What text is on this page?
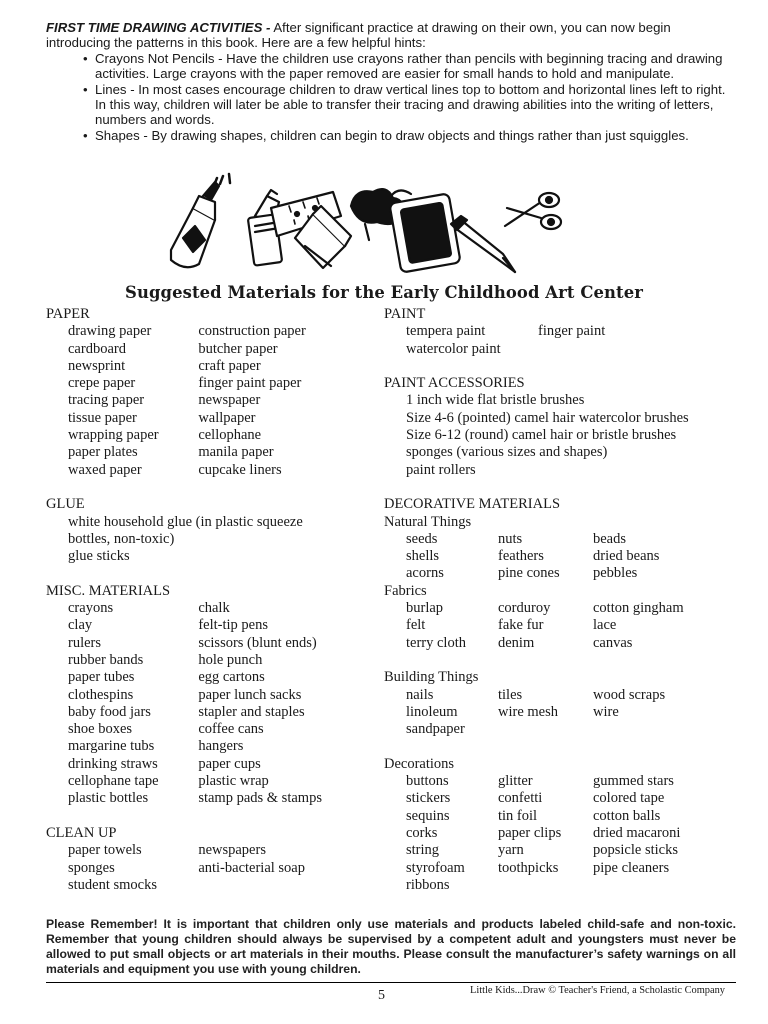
FIRST TIME DRAWING ACTIVITIES - After significant practice at drawing on their own, you can now begin introducing the patterns in this book. Here are a few helpful hints:

• Crayons Not Pencils - Have the children use crayons rather than pencils with beginning tracing and drawing activities. Large crayons with the paper removed are easier for small hands to hold and manipulate.
• Lines - In most cases encourage children to draw vertical lines top to bottom and horizontal lines left to right. In this way, children will later be able to transfer their tracing and drawing abilities into the writing of letters, numbers and words.
• Shapes - By drawing shapes, children can begin to draw objects and things rather than just squiggles.
Suggested Materials for the Early Childhood Art Center
PAPER
drawing paper	construction paper
cardboard	butcher paper
newsprint	craft paper
crepe paper	finger paint paper
tracing paper	newspaper
tissue paper	wallpaper
wrapping paper	cellophane
paper plates	manila paper
waxed paper	cupcake liners
GLUE
white household glue (in plastic squeeze
bottles, non-toxic)
glue sticks
MISC. MATERIALS
crayons	chalk
clay	felt-tip pens
rulers	scissors (blunt ends)
rubber bands	hole punch
paper tubes	egg cartons
clothespins	paper lunch sacks
baby food jars	stapler and staples
shoe boxes	coffee cans
margarine tubs	hangers
drinking straws	paper cups
cellophane tape	plastic wrap
plastic bottles	stamp pads & stamps
CLEAN UP
paper towels	newspapers
sponges	anti-bacterial soap
student smocks
PAINT
tempera paint	finger paint
watercolor paint
PAINT ACCESSORIES
1 inch wide flat bristle brushes
Size 4-6 (pointed) camel hair watercolor brushes
Size 6-12 (round) camel hair or bristle brushes
sponges (various sizes and shapes)
paint rollers
DECORATIVE MATERIALS
Natural Things
seeds	nuts	beads
shells	feathers	dried beans
acorns	pine cones	pebbles
Fabrics
burlap	corduroy	cotton gingham
felt	fake fur	lace
terry cloth	denim	canvas
Building Things
nails	tiles	wood scraps
linoleum	wire mesh	wire
sandpaper
Decorations
buttons	glitter	gummed stars
stickers	confetti	colored tape
sequins	tin foil	cotton balls
corks	paper clips	dried macaroni
string	yarn	popsicle sticks
styrofoam	toothpicks	pipe cleaners
ribbons
Please Remember! It is important that children only use materials and products labeled child-safe and non-toxic. Remember that young children should always be supervised by a competent adult and youngsters must never be allowed to put small objects or art materials in their mouths. Please consult the manufacturer’s safety warnings on all materials and equipment you use with young children.
5	Little Kids...Draw © Teacher's Friend, a Scholastic Company
